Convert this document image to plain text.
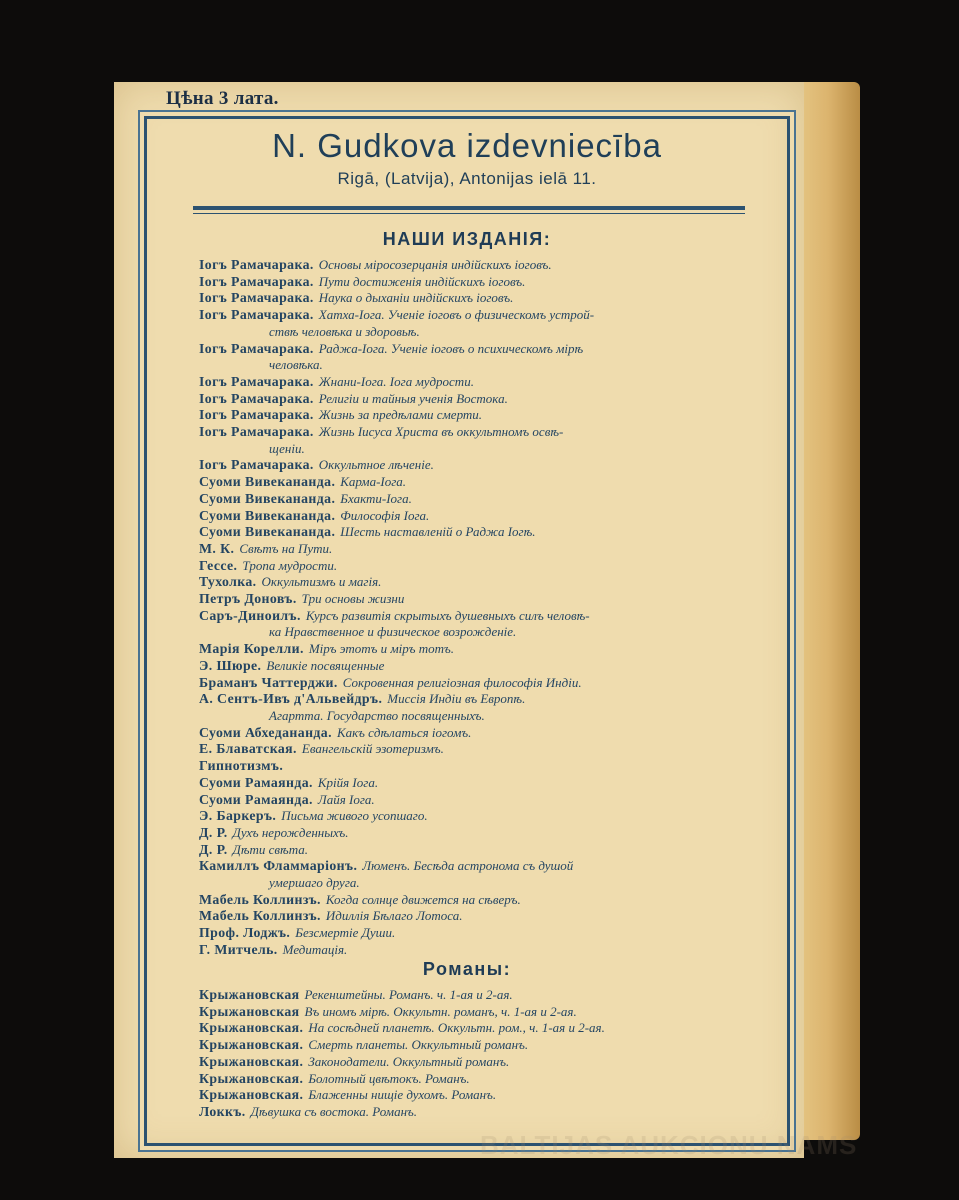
Цѣна 3 лата.
N. Gudkova izdevniecība
Rigā, (Latvija), Antonijas ielā 11.
НАШИ ИЗДАНІЯ:
Іогъ Рамачарака. Основы міросозерцанія индійскихъ іоговъ.
Іогъ Рамачарака. Пути достиженія индійскихъ іоговъ.
Іогъ Рамачарака. Наука о дыханіи индійскихъ іоговъ.
Іогъ Рамачарака. Хатха-Іога. Ученіе іоговъ о физическомъ устрой-
ствѣ человѣка и здоровьѣ.
Іогъ Рамачарака. Раджа-Іога. Ученіе іоговъ о психическомъ мірѣ
человѣка.
Іогъ Рамачарака. Жнани-Іога. Іога мудрости.
Іогъ Рамачарака. Религіи и тайныя ученія Востока.
Іогъ Рамачарака. Жизнь за предѣлами смерти.
Іогъ Рамачарака. Жизнь Іисуса Христа въ оккультномъ освѣ-
щеніи.
Іогъ Рамачарака. Оккультное лѣченіе.
Суоми Вивекананда. Карма-Іога.
Суоми Вивекананда. Бхакти-Іога.
Суоми Вивекананда. Философія Іога.
Суоми Вивекананда. Шесть наставленій о Раджа Іогѣ.
М. К. Свѣтъ на Пути.
Гессе. Тропа мудрости.
Тухолка. Оккультизмъ и магія.
Петръ Доновъ. Три основы жизни
Саръ-Диноилъ. Курсъ развитія скрытыхъ душевныхъ силъ человѣ-
ка Нравственное и физическое возрожденіе.
Марія Корелли. Міръ этотъ и міръ тотъ.
Э. Шюре. Великіе посвященные
Браманъ Чаттерджи. Сокровенная религіозная философія Индіи.
А. Сентъ-Ивъ д'Альвейдръ. Миссія Индіи въ Европѣ.
Агартта. Государство посвященныхъ.
Суоми Абхедананда. Какъ сдѣлаться іогомъ.
Е. Блаватская. Евангельскій эзотеризмъ.
Гипнотизмъ.
Суоми Рамаянда. Крійя Іога.
Суоми Рамаянда. Лайя Іога.
Э. Баркеръ. Письма живого усопшаго.
Д. Р. Духъ нерожденныхъ.
Д. Р. Дѣти свѣта.
Камиллъ Фламмаріонъ. Люменъ. Бесѣда астронома съ душой
умершаго друга.
Мабель Коллинзъ. Когда солнце движется на сѣверъ.
Мабель Коллинзъ. Идиллія Бѣлаго Лотоса.
Проф. Лоджъ. Безсмертіе Души.
Г. Митчель. Медитація.
Романы:
Крыжановская Рекенштейны. Романъ. ч. 1-ая и 2-ая.
Крыжановская Въ иномъ мірѣ. Оккультн. романъ, ч. 1-ая и 2-ая.
Крыжановская. На сосѣдней планетѣ. Оккультн. ром., ч. 1-ая и 2-ая.
Крыжановская. Смерть планеты. Оккультный романъ.
Крыжановская. Законодатели. Оккультный романъ.
Крыжановская. Болотный цвѣтокъ. Романъ.
Крыжановская. Блаженны нищіе духомъ. Романъ.
Локкъ. Дѣвушка съ востока. Романъ.
BALTIJAS AUKCIONU NAMS
